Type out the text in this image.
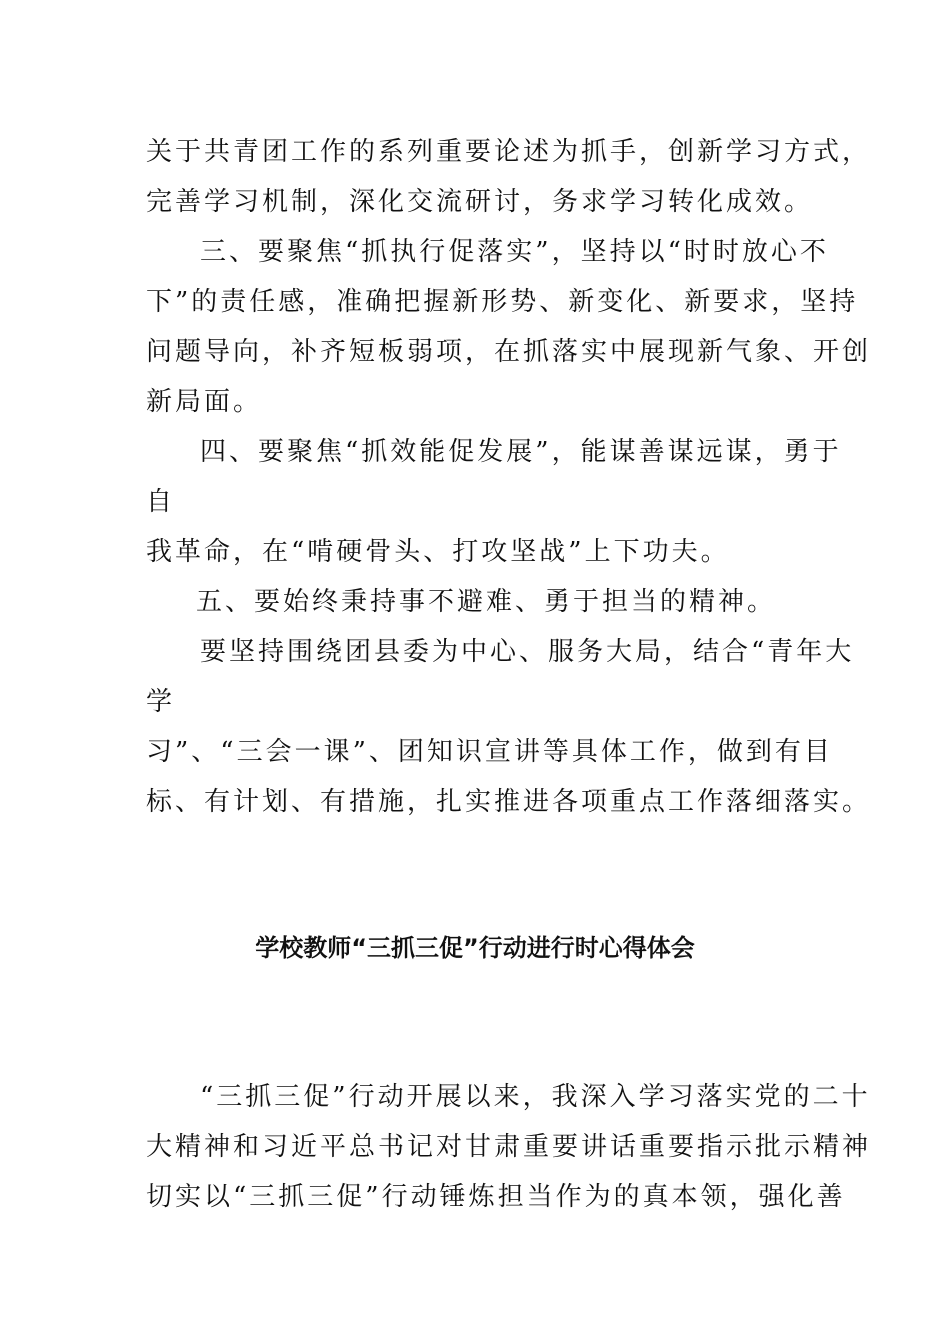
关于共青团工作的系列重要论述为抓手，创新学习方式，
完善学习机制，深化交流研讨，务求学习转化成效。
三、要聚焦“抓执行促落实”，坚持以“时时放心不
下”的责任感，准确把握新形势、新变化、新要求，坚持
问题导向，补齐短板弱项，在抓落实中展现新气象、开创
新局面。
四、要聚焦“抓效能促发展”，能谋善谋远谋，勇于
自
我革命，在“啃硬骨头、打攻坚战”上下功夫。
五、要始终秉持事不避难、勇于担当的精神。
要坚持围绕团县委为中心、服务大局，结合“青年大
学
习”、“三会一课”、团知识宣讲等具体工作，做到有目
标、有计划、有措施，扎实推进各项重点工作落细落实。
学校教师“三抓三促”行动进行时心得体会
“三抓三促”行动开展以来，我深入学习落实党的二十
大精神和习近平总书记对甘肃重要讲话重要指示批示精神
切实以“三抓三促”行动锤炼担当作为的真本领，强化善
